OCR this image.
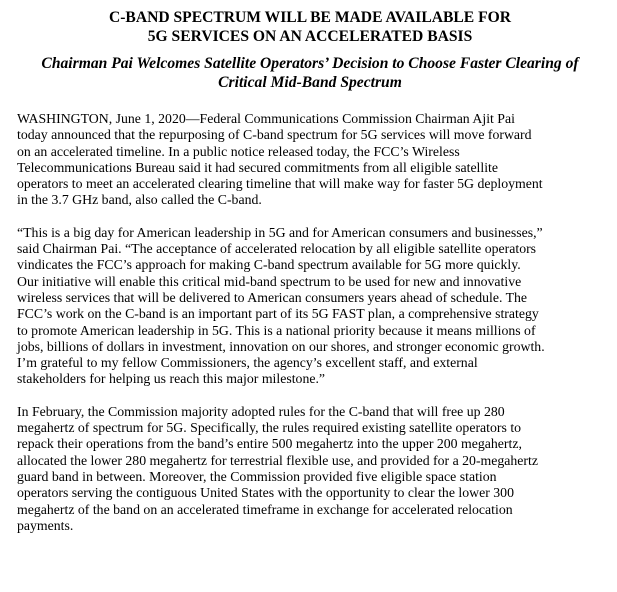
C-BAND SPECTRUM WILL BE MADE AVAILABLE FOR
5G SERVICES ON AN ACCELERATED BASIS
Chairman Pai Welcomes Satellite Operators’ Decision to Choose Faster Clearing of
Critical Mid-Band Spectrum

WASHINGTON, June 1, 2020—Federal Communications Commission Chairman Ajit Pai
today announced that the repurposing of C-band spectrum for 5G services will move forward
on an accelerated timeline. In a public notice released today, the FCC’s Wireless
Telecommunications Bureau said it had secured commitments from all eligible satellite
operators to meet an accelerated clearing timeline that will make way for faster 5G deployment
in the 3.7 GHz band, also called the C-band.

“This is a big day for American leadership in 5G and for American consumers and businesses,”
said Chairman Pai. “The acceptance of accelerated relocation by all eligible satellite operators
vindicates the FCC’s approach for making C-band spectrum available for 5G more quickly.
Our initiative will enable this critical mid-band spectrum to be used for new and innovative
wireless services that will be delivered to American consumers years ahead of schedule. The
FCC’s work on the C-band is an important part of its 5G FAST plan, a comprehensive strategy
to promote American leadership in 5G. This is a national priority because it means millions of
jobs, billions of dollars in investment, innovation on our shores, and stronger economic growth.
I’m grateful to my fellow Commissioners, the agency’s excellent staff, and external
stakeholders for helping us reach this major milestone.”

In February, the Commission majority adopted rules for the C-band that will free up 280
megahertz of spectrum for 5G. Specifically, the rules required existing satellite operators to
repack their operations from the band’s entire 500 megahertz into the upper 200 megahertz,
allocated the lower 280 megahertz for terrestrial flexible use, and provided for a 20-megahertz
guard band in between. Moreover, the Commission provided five eligible space station
operators serving the contiguous United States with the opportunity to clear the lower 300
megahertz of the band on an accelerated timeframe in exchange for accelerated relocation
payments.
